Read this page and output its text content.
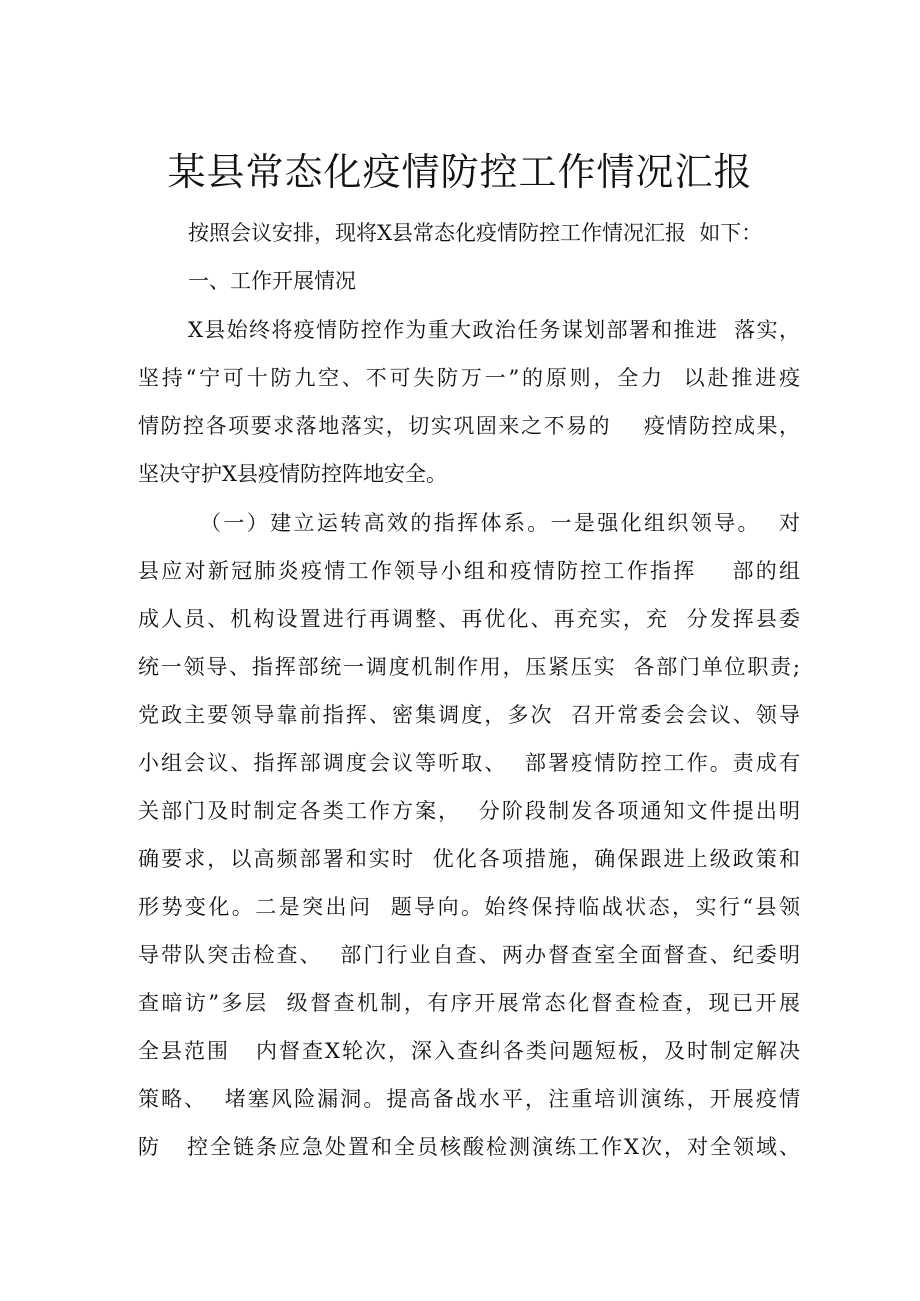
某县常态化疫情防控工作情况汇报

按照会议安排，现将X县常态化疫情防控工作情况汇报  如下：

一、工作开展情况

X县始终将疫情防控作为重大政治任务谋划部署和推进  落实，

坚持“宁可十防九空、不可失防万一”的原则，全力  以赴推进疫

情防控各项要求落地落实，切实巩固来之不易的    疫情防控成果，

坚决守护X县疫情防控阵地安全。

（一）建立运转高效的指挥体系。一是强化组织领导。  对

县应对新冠肺炎疫情工作领导小组和疫情防控工作指挥    部的组

成人员、机构设置进行再调整、再优化、再充实，充  分发挥县委

统一领导、指挥部统一调度机制作用，压紧压实  各部门单位职责;

党政主要领导靠前指挥、密集调度，多次  召开常委会会议、领导

小组会议、指挥部调度会议等听取、  部署疫情防控工作。责成有

关部门及时制定各类工作方案，  分阶段制发各项通知文件提出明

确要求，以高频部署和实时  优化各项措施，确保跟进上级政策和

形势变化。二是突出问  题导向。始终保持临战状态，实行“县领

导带队突击检查、  部门行业自查、两办督查室全面督查、纪委明

查暗访”多层  级督查机制，有序开展常态化督查检查，现已开展

全县范围   内督查X轮次，深入查纠各类问题短板，及时制定解决

策略、  堵塞风险漏洞。提高备战水平，注重培训演练，开展疫情

防   控全链条应急处置和全员核酸检测演练工作X次，对全领域、
